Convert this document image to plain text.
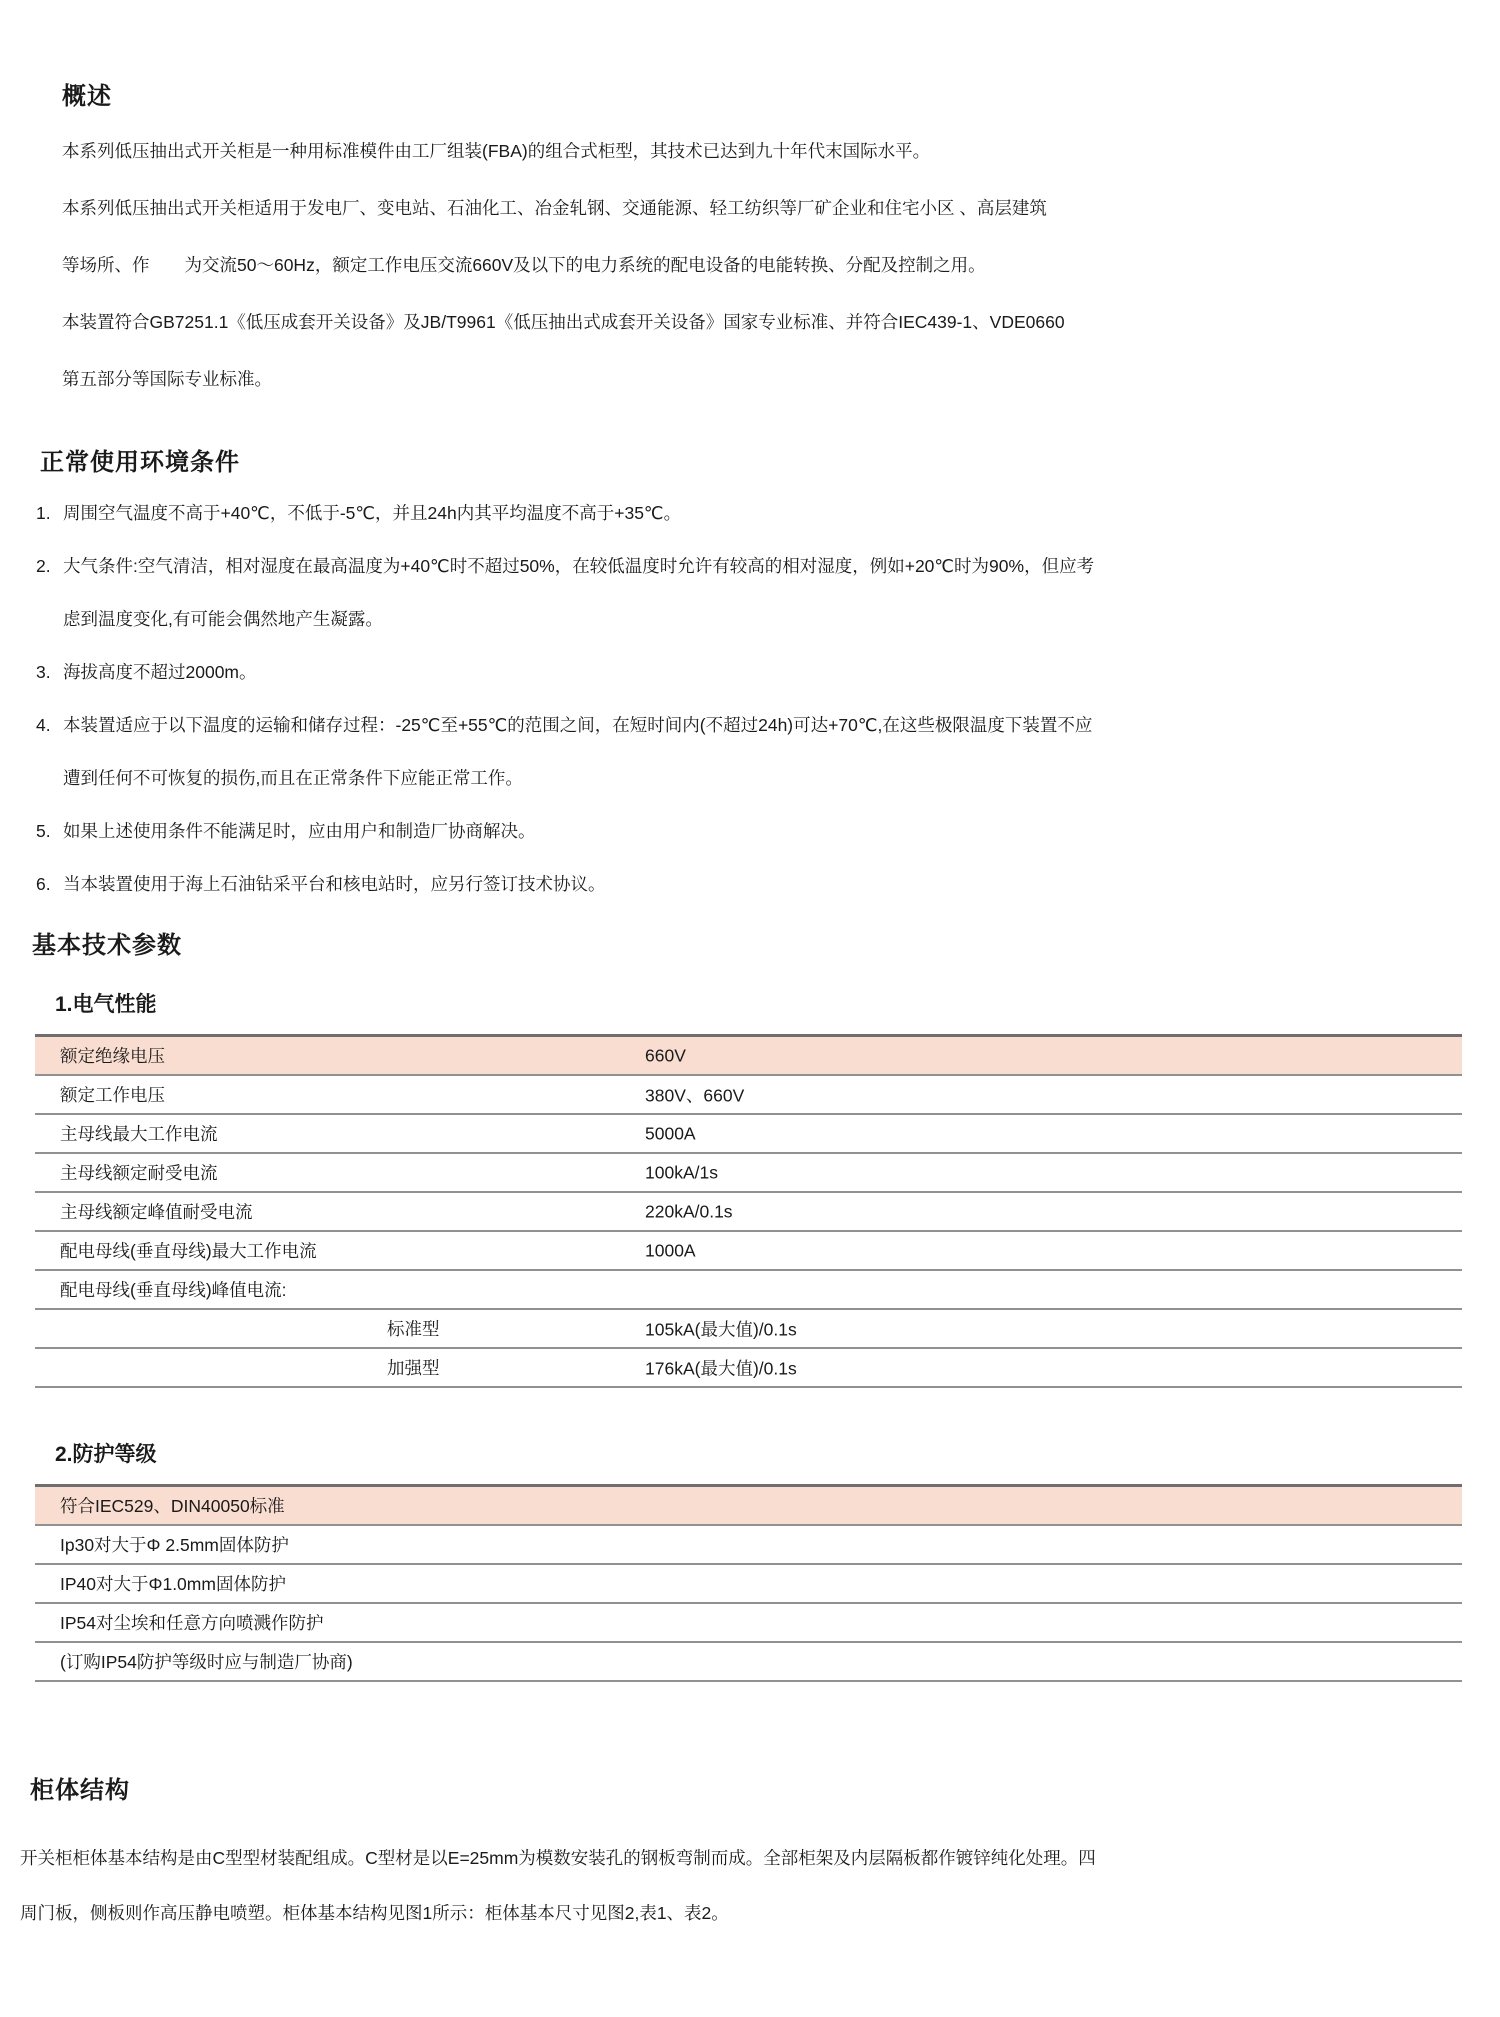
概述
本系列低压抽出式开关柜是一种用标准模件由工厂组装(FBA)的组合式柜型，其技术已达到九十年代末国际水平。
本系列低压抽出式开关柜适用于发电厂、变电站、石油化工、冶金轧钢、交通能源、轻工纺织等厂矿企业和住宅小区 、高层建筑
等场所、作　　为交流50～60Hz，额定工作电压交流660V及以下的电力系统的配电设备的电能转换、分配及控制之用。
本装置符合GB7251.1《低压成套开关设备》及JB/T9961《低压抽出式成套开关设备》国家专业标准、并符合IEC439-1、VDE0660
第五部分等国际专业标准。
正常使用环境条件
1. 周围空气温度不高于+40℃，不低于-5℃，并且24h内其平均温度不高于+35℃。
2. 大气条件:空气清洁，相对湿度在最高温度为+40℃时不超过50%，在较低温度时允许有较高的相对湿度，例如+20℃时为90%，但应考
虑到温度变化,有可能会偶然地产生凝露。
3. 海拔高度不超过2000m。
4. 本装置适应于以下温度的运输和储存过程：-25℃至+55℃的范围之间，在短时间内(不超过24h)可达+70℃,在这些极限温度下装置不应
遭到任何不可恢复的损伤,而且在正常条件下应能正常工作。
5. 如果上述使用条件不能满足时，应由用户和制造厂协商解决。
6. 当本装置使用于海上石油钻采平台和核电站时，应另行签订技术协议。
基本技术参数
1.电气性能
额定绝缘电压	660V
额定工作电压	380V、660V
主母线最大工作电流	5000A
主母线额定耐受电流	100kA/1s
主母线额定峰值耐受电流	220kA/0.1s
配电母线(垂直母线)最大工作电流	1000A
配电母线(垂直母线)峰值电流:
标准型	105kA(最大值)/0.1s
加强型	176kA(最大值)/0.1s
2.防护等级
符合IEC529、DIN40050标准
Ip30对大于Φ 2.5mm固体防护
IP40对大于Φ1.0mm固体防护
IP54对尘埃和任意方向喷溅作防护
(订购IP54防护等级时应与制造厂协商)
柜体结构
开关柜柜体基本结构是由C型型材装配组成。C型材是以E=25mm为模数安装孔的钢板弯制而成。全部柜架及内层隔板都作镀锌纯化处理。四
周门板，侧板则作高压静电喷塑。柜体基本结构见图1所示：柜体基本尺寸见图2,表1、表2。
